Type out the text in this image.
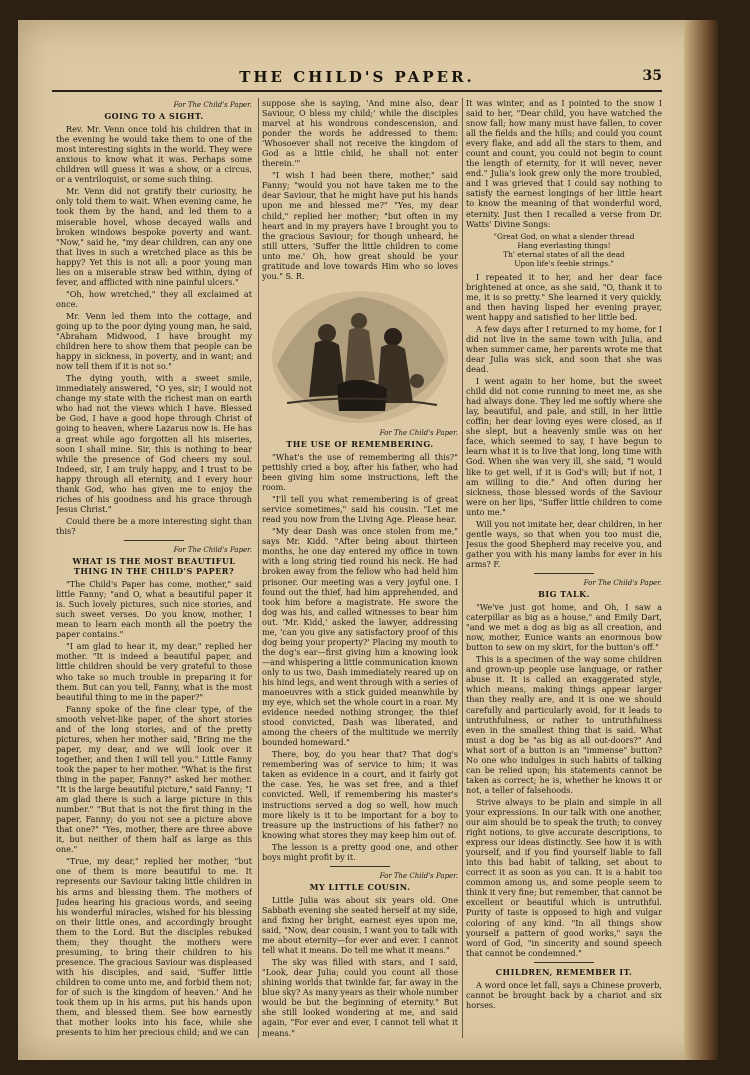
THE CHILD'S PAPER.	35
For The Child's Paper.
GOING TO A SIGHT.

Rev. Mr. Venn once told his children that in the evening he would take them to one of the most interesting sights in the world. They were anxious to know what it was. Perhaps some children will guess it was a show, or a circus, or a ventriloquist, or some such thing.

Mr. Venn did not gratify their curiosity, he only told them to wait. When evening came, he took them by the hand, and led them to a miserable hovel, whose decayed walls and broken windows bespoke poverty and want. "Now," said he, "my dear children, can any one that lives in such a wretched place as this be happy? Yet this is not all: a poor young man lies on a miserable straw bed within, dying of fever, and afflicted with nine painful ulcers."

"Oh, how wretched," they all exclaimed at once.

Mr. Venn led them into the cottage, and going up to the poor dying young man, he said, "Abraham Midwood, I have brought my children here to show them that people can be happy in sickness, in poverty, and in want; and now tell them if it is not so."

The dying youth, with a sweet smile, immediately answered, "O yes, sir; I would not change my state with the richest man on earth who had not the views which I have. Blessed be God, I have a good hope through Christ of going to heaven, where Lazarus now is. He has a great while ago forgotten all his miseries, soon I shall mine. Sir, this is nothing to bear while the presence of God cheers my soul. Indeed, sir, I am truly happy, and I trust to be happy through all eternity, and I every hour thank God, who has given me to enjoy the riches of his goodness and his grace through Jesus Christ."

Could there be a more interesting sight than this?

For The Child's Paper.
WHAT IS THE MOST BEAUTIFUL THING IN THE CHILD'S PAPER?

"The Child's Paper has come, mother," said little Fanny; "and O, what a beautiful paper it is. Such lovely pictures, such nice stories, and such sweet verses. Do you know, mother, I mean to learn each month all the poetry the paper contains."

"I am glad to hear it, my dear," replied her mother. "It is indeed a beautiful paper, and little children should be very grateful to those who take so much trouble in preparing it for them. But can you tell, Fanny, what is the most beautiful thing to me in the paper?"

Fanny spoke of the fine clear type, of the smooth velvet-like paper, of the short stories and of the long stories, and of the pretty pictures, when her mother said, "Bring me the paper, my dear, and we will look over it together, and then I will tell you." Little Fanny took the paper to her mother. "What is the first thing in the paper, Fanny?" asked her mother. "It is the large beautiful picture," said Fanny; "I am glad there is such a large picture in this number." "But that is not the first thing in the paper, Fanny; do you not see a picture above that one?" "Yes, mother, there are three above it, but neither of them half as large as this one."

"True, my dear," replied her mother, "but one of them is more beautiful to me. It represents our Saviour taking little children in his arms and blessing them. The mothers of Judea hearing his gracious words, and seeing his wonderful miracles, wished for his blessing on their little ones, and accordingly brought them to the Lord. But the disciples rebuked them; they thought the mothers were presuming, to bring their children to his presence. The gracious Saviour was displeased with his disciples, and said, 'Suffer little children to come unto me, and forbid them not; for of such is the kingdom of heaven.' And he took them up in his arms, put his hands upon them, and blessed them. See how earnestly that mother looks into his face, while she presents to him her precious child; and we can

suppose she is saying, 'And mine also, dear Saviour, O bless my child;' while the disciples marvel at his wondrous condescension, and ponder the words he addressed to them: 'Whosoever shall not receive the kingdom of God as a little child, he shall not enter therein.'"

"I wish I had been there, mother," said Fanny; "would you not have taken me to the dear Saviour, that he might have put his hands upon me and blessed me?" "Yes, my dear child," replied her mother; "but often in my heart and in my prayers have I brought you to the gracious Saviour; for though unheard, he still utters, 'Suffer the little children to come unto me.' Oh, how great should be your gratitude and love towards Him who so loves you." S. R.

For The Child's Paper.
THE USE OF REMEMBERING.

"What's the use of remembering all this?" pettishly cried a boy, after his father, who had been giving him some instructions, left the room.

"I'll tell you what remembering is of great service sometimes," said his cousin. "Let me read you now from the Living Age. Please hear.

"My dear Dash was once stolen from me," says Mr. Kidd. "After being about thirteen months, he one day entered my office in town with a long string tied round his neck. He had broken away from the fellow who had held him prisoner. Our meeting was a very joyful one. I found out the thief, had him apprehended, and took him before a magistrate. He swore the dog was his, and called witnesses to bear him out. 'Mr. Kidd,' asked the lawyer, addressing me, 'can you give any satisfactory proof of this dog being your property?' Placing my mouth to the dog's ear—first giving him a knowing look—and whispering a little communication known only to us two, Dash immediately reared up on his hind legs, and went through with a series of manoeuvres with a stick guided meanwhile by my eye, which set the whole court in a roar. My evidence needed nothing stronger, the thief stood convicted, Dash was liberated, and among the cheers of the multitude we merrily bounded homeward."

There, boy, do you hear that? That dog's remembering was of service to him; it was taken as evidence in a court, and it fairly got the case. Yes, he was set free, and a thief convicted. Well, if remembering his master's instructions served a dog so well, how much more likely is it to be important for a boy to treasure up the instructions of his father? no knowing what stores they may keep him out of.

The lesson is a pretty good one, and other boys might profit by it.

For The Child's Paper.
MY LITTLE COUSIN.

Little Julia was about six years old. One Sabbath evening she seated herself at my side, and fixing her bright, earnest eyes upon me, said, "Now, dear cousin, I want you to talk with me about eternity—for ever and ever. I cannot tell what it means. Do tell me what it means."

The sky was filled with stars, and I said, "Look, dear Julia; could you count all those shining worlds that twinkle far, far away in the blue sky? As many years as their whole number would be but the beginning of eternity." But she still looked wondering at me, and said again, "For ever and ever, I cannot tell what it means."

It was winter, and as I pointed to the snow I said to her, "Dear child, you have watched the snow fall; how many must have fallen, to cover all the fields and the hills; and could you count every flake, and add all the stars to them, and count and count, you could not begin to count the length of eternity, for it will never, never end." Julia's look grew only the more troubled, and I was grieved that I could say nothing to satisfy the earnest longings of her little heart to know the meaning of that wonderful word, eternity. Just then I recalled a verse from Dr. Watts' Divine Songs:

"Great God, on what a slender thread
Hang everlasting things!
Th' eternal states of all the dead
Upon life's feeble strings."

I repeated it to her, and her dear face brightened at once, as she said, "O, thank it to me, it is so pretty." She learned it very quickly, and then having lisped her evening prayer, went happy and satisfied to her little bed.

A few days after I returned to my home, for I did not live in the same town with Julia, and when summer came, her parents wrote me that dear Julia was sick, and soon that she was dead.

I went again to her home, but the sweet child did not come running to meet me, as she had always done. They led me softly where she lay, beautiful, and pale, and still, in her little coffin; her dear loving eyes were closed, as if she slept, but a heavenly smile was on her face, which seemed to say, I have begun to learn what it is to live that long, long time with God. When she was very ill, she said, "I would like to get well, if it is God's will; but if not, I am willing to die." And often during her sickness, those blessed words of the Saviour were on her lips, "Suffer little children to come unto me."

Will you not imitate her, dear children, in her gentle ways, so that when you too must die, Jesus the good Shepherd may receive you, and gather you with his many lambs for ever in his arms? F.

For The Child's Paper.
BIG TALK.

"We've just got home, and Oh, I saw a caterpillar as big as a house," and Emily Dart, "and we met a dog as big as all creation, and now, mother, Eunice wants an enormous bow button to sew on my skirt, for the button's off."

This is a specimen of the way some children and grown-up people use language, or rather abuse it. It is called an exaggerated style, which means, making things appear larger than they really are, and it is one we should carefully and particularly avoid, for it leads to untruthfulness, or rather to untruthfulness even in the smallest thing that is said. What must a dog be "as big as all out-doors?" And what sort of a button is an "immense" button? No one who indulges in such habits of talking can be relied upon; his statements cannot be taken as correct; he is, whether he knows it or not, a teller of falsehoods.

Strive always to be plain and simple in all your expressions. In our talk with one another, our aim should be to speak the truth; to convey right notions, to give accurate descriptions, to express our ideas distinctly. See how it is with yourself, and if you find yourself liable to fall into this bad habit of talking, set about to correct it as soon as you can. It is a habit too common among us, and some people seem to think it very fine; but remember, that cannot be excellent or beautiful which is untruthful. Purity of taste is opposed to high and vulgar coloring of any kind. "In all things show yourself a pattern of good works," says the word of God, "in sincerity and sound speech that cannot be condemned."

CHILDREN, REMEMBER IT.

A word once let fall, says a Chinese proverb, cannot be brought back by a chariot and six horses.
